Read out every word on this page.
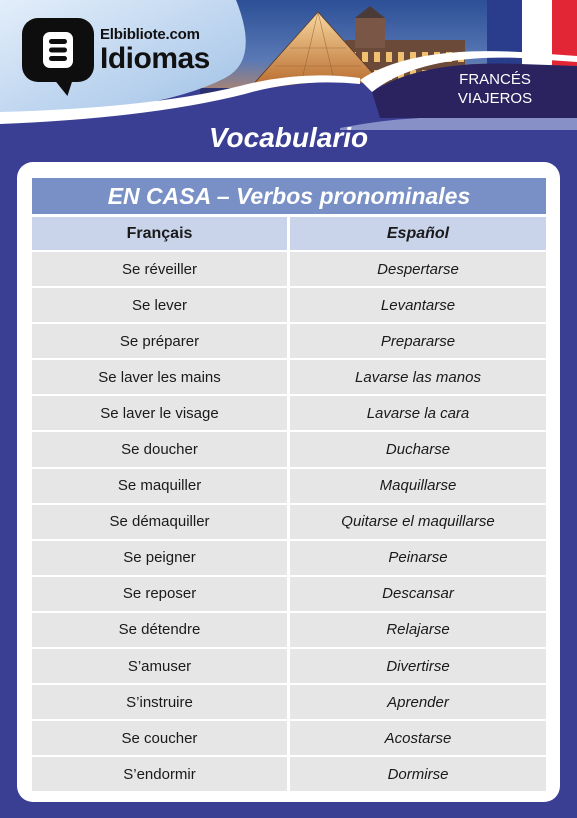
Elbibliote.com
Idiomas
FRANCÉS
VIAJEROS
Vocabulario
EN CASA – Verbos pronominales
Français	Español
Se réveiller	Despertarse
Se lever	Levantarse
Se préparer	Prepararse
Se laver les mains	Lavarse las manos
Se laver le visage	Lavarse la cara
Se doucher	Ducharse
Se maquiller	Maquillarse
Se démaquiller	Quitarse el maquillarse
Se peigner	Peinarse
Se reposer	Descansar
Se détendre	Relajarse
S’amuser	Divertirse
S’instruire	Aprender
Se coucher	Acostarse
S’endormir	Dormirse
